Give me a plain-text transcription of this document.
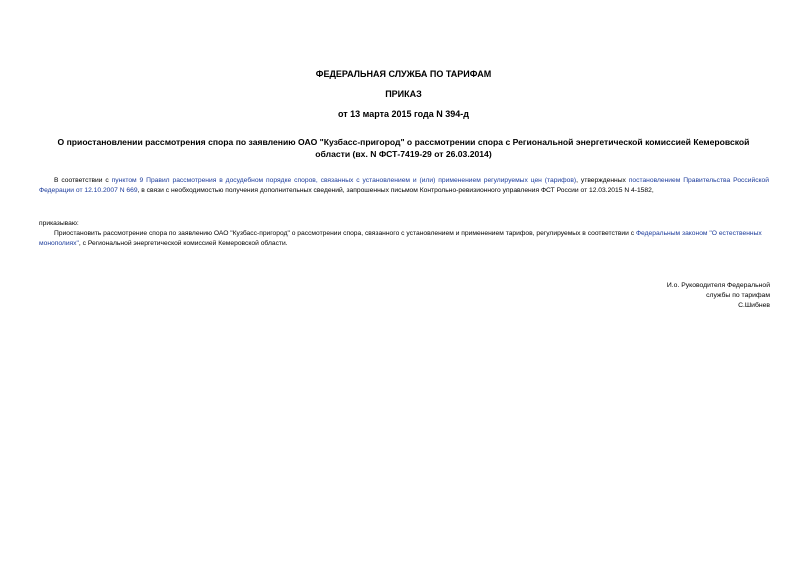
ФЕДЕРАЛЬНАЯ СЛУЖБА ПО ТАРИФАМ
ПРИКАЗ
от 13 марта 2015 года N 394-д
О приостановлении рассмотрения спора по заявлению ОАО "Кузбасс-пригород" о рассмотрении спора с Региональной энергетической комиссией Кемеровской области (вх. N ФСТ-7419-29 от 26.03.2014)
В соответствии с пунктом 9 Правил рассмотрения в досудебном порядке споров, связанных с установлением и (или) применением регулируемых цен (тарифов), утвержденных постановлением Правительства Российской Федерации от 12.10.2007 N 669, в связи с необходимостью получения дополнительных сведений, запрошенных письмом Контрольно-ревизионного управления ФСТ России от 12.03.2015 N 4-1582,
приказываю:
Приостановить рассмотрение спора по заявлению ОАО "Кузбасс-пригород" о рассмотрении спора, связанного с установлением и применением тарифов, регулируемых в соответствии с Федеральным законом "О естественных монополиях", с Региональной энергетической комиссией Кемеровской области.
И.о. Руководителя Федеральной
службы по тарифам
С.Шибнев
